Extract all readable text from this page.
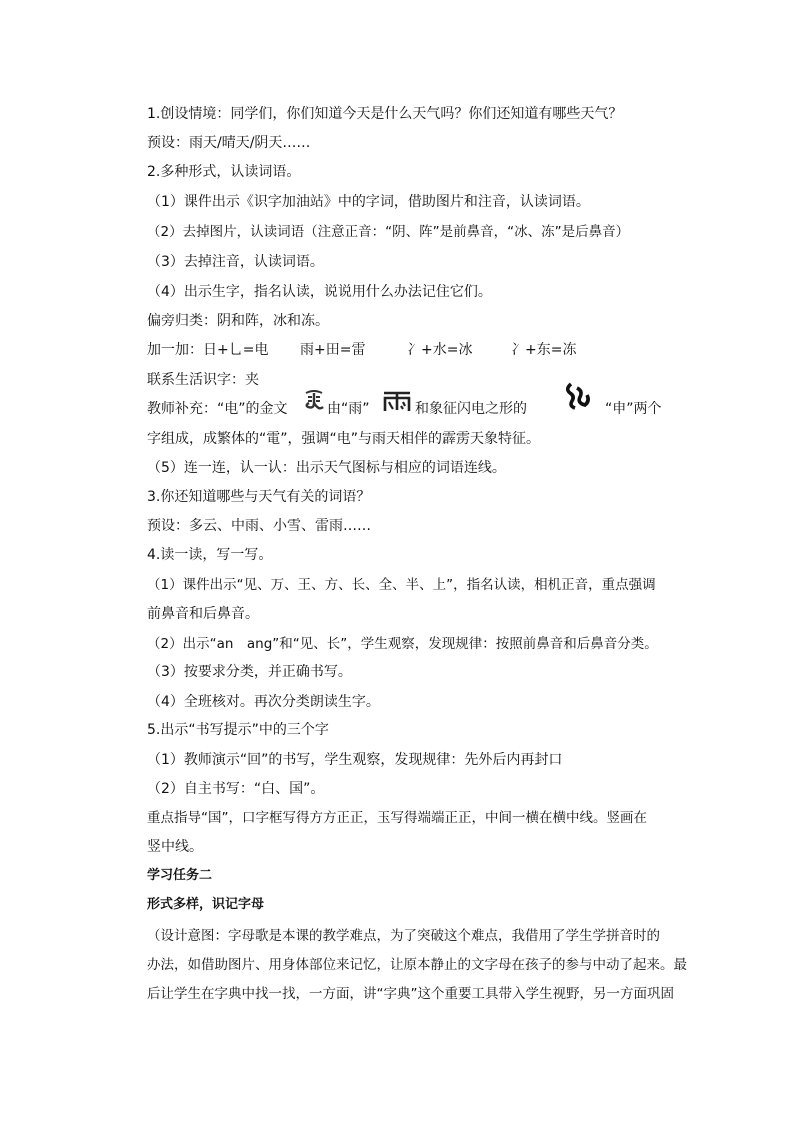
1.创设情境：同学们，你们知道今天是什么天气吗？你们还知道有哪些天气？
预设：雨天/晴天/阴天……
2.多种形式，认读词语。
（1）课件出示《识字加油站》中的字词，借助图片和注音，认读词语。
（2）去掉图片，认读词语（注意正音：“阴、阵”是前鼻音，“冰、冻”是后鼻音）
（3）去掉注音，认读词语。
（4）出示生字，指名认读，说说用什么办法记住它们。
偏旁归类：阴和阵，冰和冻。
加一加： 日+乚=电 雨+田=雷	冫+水=冰	冫+东=冻
联系生活识字：夹
教师补充：“电”的金文	由“雨”	和象征闪电之形的	“申”两个
字组成，成繁体的“電”，强调“电”与雨天相伴的霹雳天象特征。
（5）连一连，认一认：出示天气图标与相应的词语连线。
3.你还知道哪些与天气有关的词语？
预设：多云、中雨、小雪、雷雨……
4.读一读，写一写。
（1）课件出示“见、万、王、方、长、全、半、上”，指名认读，相机正音，重点强调
前鼻音和后鼻音。
（2）出示“an　ang”和“见、长”，学生观察，发现规律：按照前鼻音和后鼻音分类。
（3）按要求分类，并正确书写。
（4）全班核对。再次分类朗读生字。
5.出示“书写提示”中的三个字
（1）教师演示“回”的书写，学生观察，发现规律：先外后内再封口
（2）自主书写：“白、国”。
重点指导“国”，口字框写得方方正正，玉写得端端正正，中间一横在横中线。竖画在
竖中线。
学习任务二
形式多样，识记字母
（设计意图：字母歌是本课的教学难点，为了突破这个难点，我借用了学生学拼音时的
办法，如借助图片、用身体部位来记忆，让原本静止的文字母在孩子的参与中动了起来。最
后让学生在字典中找一找，一方面，讲“字典”这个重要工具带入学生视野，另一方面巩固
